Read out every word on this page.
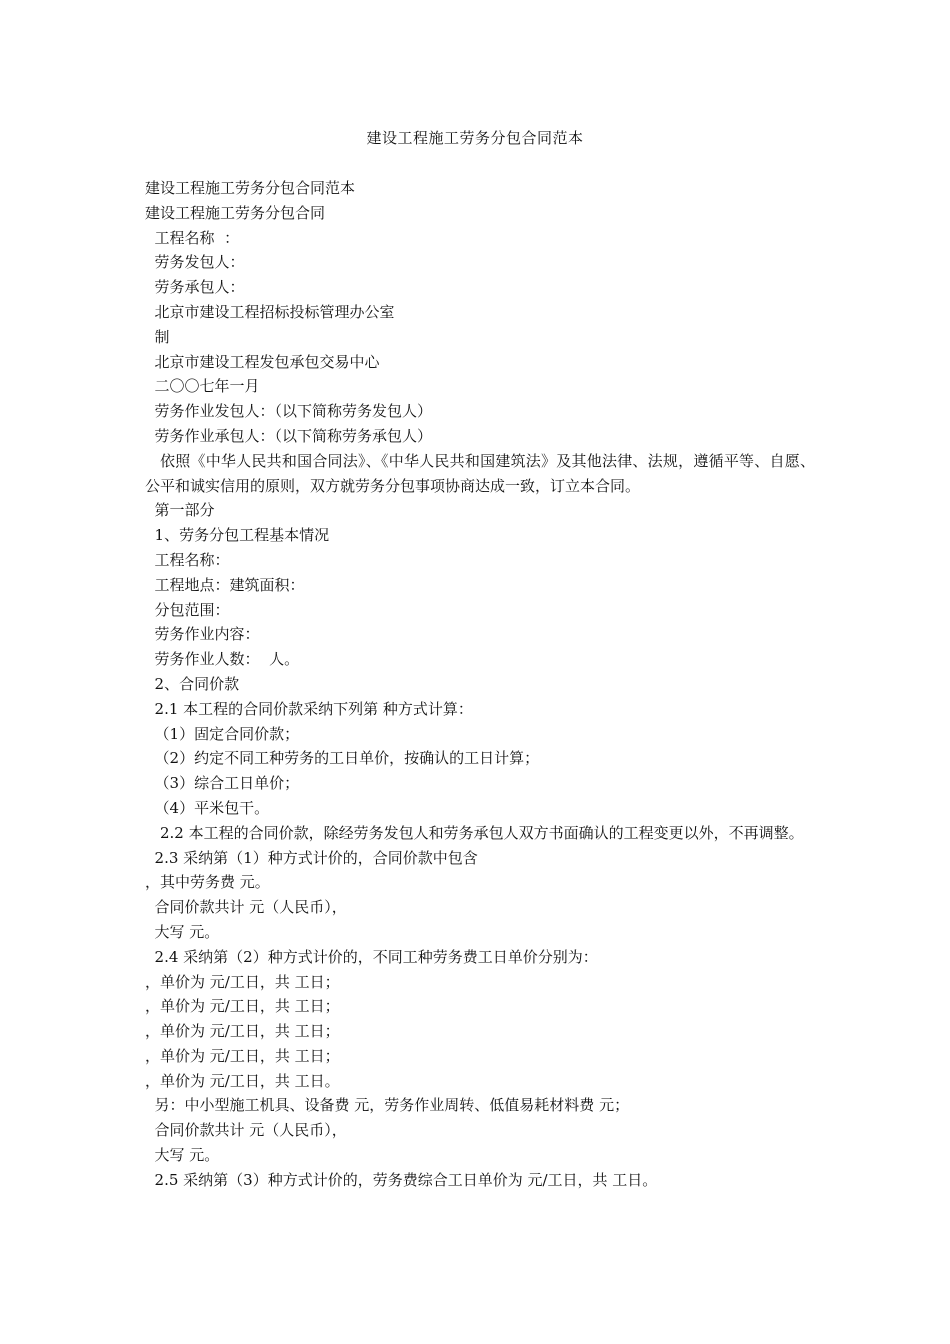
建设工程施工劳务分包合同范本
建设工程施工劳务分包合同范本
建设工程施工劳务分包合同
工程名称  ：
劳务发包人：
劳务承包人：
北京市建设工程招标投标管理办公室
制
北京市建设工程发包承包交易中心
二〇〇七年一月
劳务作业发包人：（以下简称劳务发包人）
劳务作业承包人：（以下简称劳务承包人）

依照《中华人民共和国合同法》、《中华人民共和国建筑法》及其他法律、法规，遵循平等、自愿、公平和诚实信用的原则，双方就劳务分包事项协商达成一致，订立本合同。

第一部分
1、劳务分包工程基本情况
工程名称：
工程地点：建筑面积：
分包范围：
劳务作业内容：
劳务作业人数：  人。
2、合同价款
2.1 本工程的合同价款采纳下列第 种方式计算：
（1）固定合同价款；
（2）约定不同工种劳务的工日单价，按确认的工日计算；
（3）综合工日单价；
（4）平米包干。

2.2 本工程的合同价款，除经劳务发包人和劳务承包人双方书面确认的工程变更以外，不再调整。

2.3 采纳第（1）种方式计价的，合同价款中包含
，其中劳务费 元。
合同价款共计 元（人民币），
大写 元。
2.4 采纳第（2）种方式计价的，不同工种劳务费工日单价分别为：
，单价为 元/工日，共 工日；
，单价为 元/工日，共 工日；
，单价为 元/工日，共 工日；
，单价为 元/工日，共 工日；
，单价为 元/工日，共 工日。
另：中小型施工机具、设备费 元，劳务作业周转、低值易耗材料费 元；
合同价款共计 元（人民币），
大写 元。
2.5 采纳第（3）种方式计价的，劳务费综合工日单价为 元/工日，共 工日。
